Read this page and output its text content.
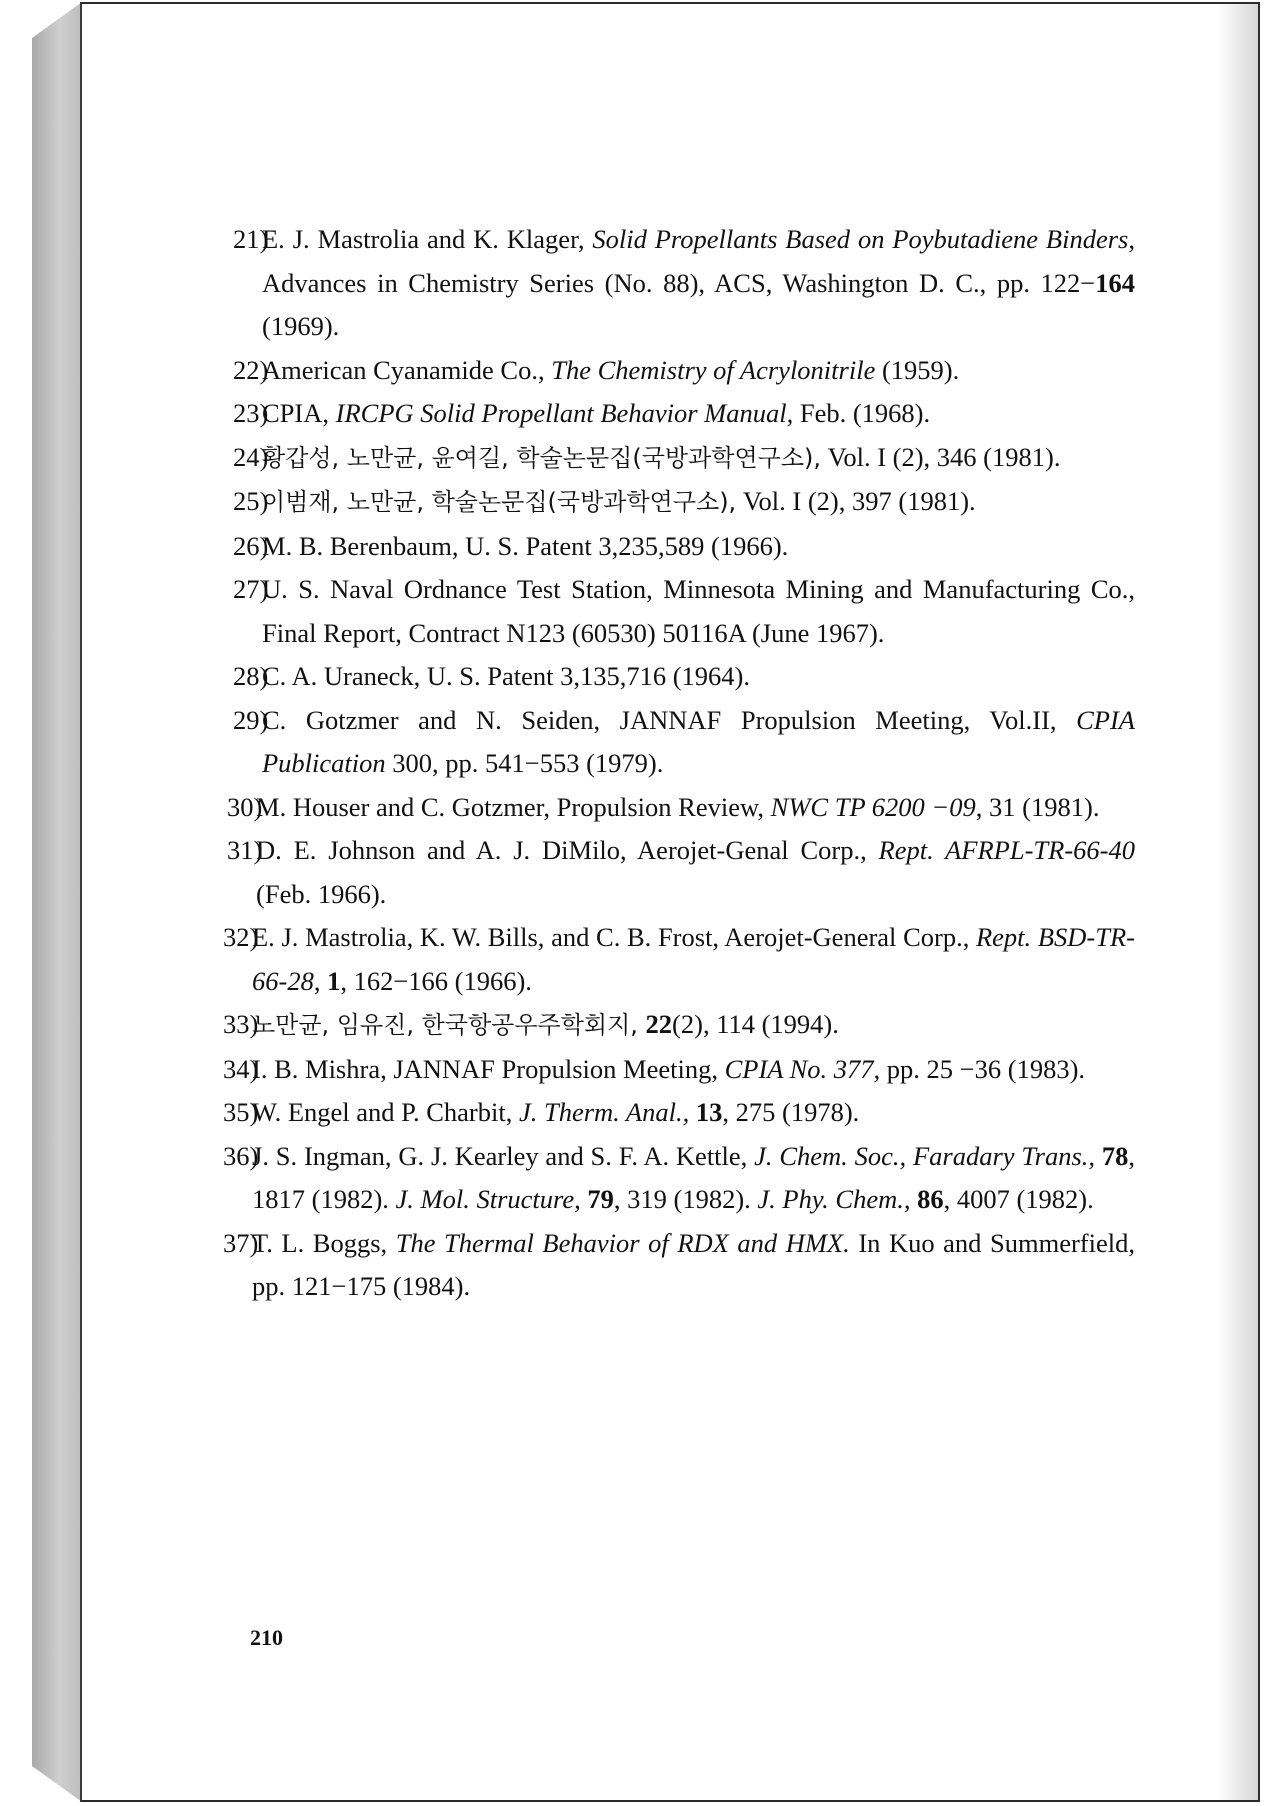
21)
E. J. Mastrolia and K. Klager, Solid Propellants Based on Poybutadiene Binders, Advances in Chemistry Series (No. 88), ACS, Washington D. C., pp. 122−164 (1969).

22)
American Cyanamide Co., The Chemistry of Acrylonitrile (1959).

23)
CPIA, IRCPG Solid Propellant Behavior Manual, Feb. (1968).

24)
황갑성, 노만균, 윤여길, 학술논문집(국방과학연구소), Vol. I (2), 346 (1981).

25)
이범재, 노만균, 학술논문집(국방과학연구소), Vol. I (2), 397 (1981).

26)
M. B. Berenbaum, U. S. Patent 3,235,589 (1966).

27)
U. S. Naval Ordnance Test Station, Minnesota Mining and Manufacturing Co., Final Report, Contract N123 (60530) 50116A (June 1967).

28)
C. A. Uraneck, U. S. Patent 3,135,716 (1964).

29)
C. Gotzmer and N. Seiden, JANNAF Propulsion Meeting, Vol.II, CPIA Publication 300, pp. 541−553 (1979).

30)
M. Houser and C. Gotzmer, Propulsion Review, NWC TP 6200 −09, 31 (1981).

31)
D. E. Johnson and A. J. DiMilo, Aerojet-Genal Corp., Rept. AFRPL-TR-66-40 (Feb. 1966).

32)
E. J. Mastrolia, K. W. Bills, and C. B. Frost, Aerojet-General Corp., Rept. BSD-TR-66-28, 1, 162−166 (1966).

33)
노만균, 임유진, 한국항공우주학회지, 22(2), 114 (1994).

34)
I. B. Mishra, JANNAF Propulsion Meeting, CPIA No. 377, pp. 25 −36 (1983).

35)
W. Engel and P. Charbit, J. Therm. Anal., 13, 275 (1978).

36)
J. S. Ingman, G. J. Kearley and S. F. A. Kettle, J. Chem. Soc., Faradary Trans., 78, 1817 (1982). J. Mol. Structure, 79, 319 (1982). J. Phy. Chem., 86, 4007 (1982).

37)
T. L. Boggs, The Thermal Behavior of RDX and HMX. In Kuo and Summerfield, pp. 121−175 (1984).

210
